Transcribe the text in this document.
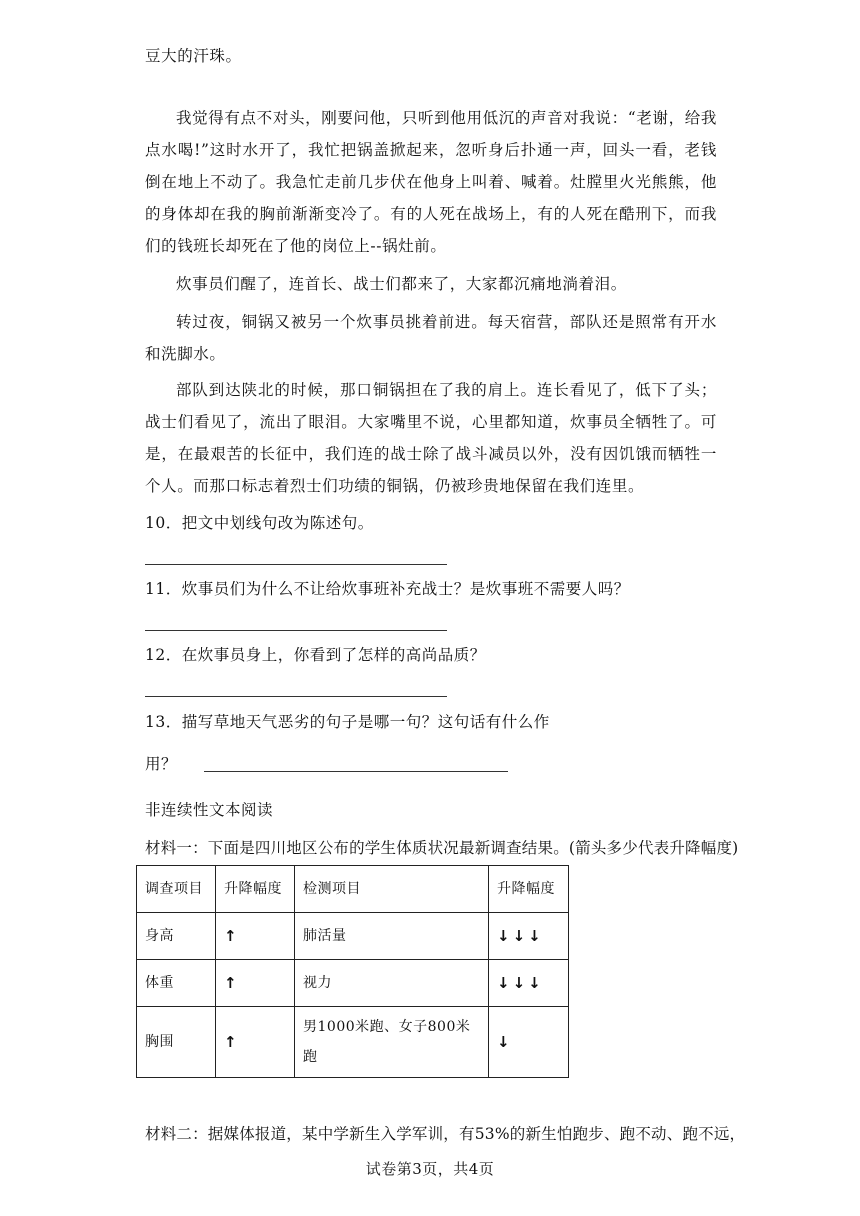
豆大的汗珠。

我觉得有点不对头，刚要问他，只听到他用低沉的声音对我说：“老谢，给我点水喝!”这时水开了，我忙把锅盖掀起来，忽听身后扑通一声，回头一看，老钱倒在地上不动了。我急忙走前几步伏在他身上叫着、喊着。灶膛里火光熊熊，他的身体却在我的胸前渐渐变冷了。有的人死在战场上，有的人死在酷刑下，而我们的钱班长却死在了他的岗位上--锅灶前。

炊事员们醒了，连首长、战士们都来了，大家都沉痛地淌着泪。

转过夜，铜锅又被另一个炊事员挑着前进。每天宿营，部队还是照常有开水和洗脚水。

部队到达陕北的时候，那口铜锅担在了我的肩上。连长看见了，低下了头；战士们看见了，流出了眼泪。大家嘴里不说，心里都知道，炊事员全牺牲了。可是，在最艰苦的长征中，我们连的战士除了战斗减员以外，没有因饥饿而牺牲一个人。而那口标志着烈士们功绩的铜锅，仍被珍贵地保留在我们连里。

10．把文中划线句改为陈述句。

11．炊事员们为什么不让给炊事班补充战士？是炊事班不需要人吗？

12．在炊事员身上，你看到了怎样的高尚品质？

13．描写草地天气恶劣的句子是哪一句？这句话有什么作

用？

非连续性文本阅读

材料一：下面是四川地区公布的学生体质状况最新调查结果。(箭头多少代表升降幅度)

调查项目	升降幅度	检测项目	升降幅度
身高	↑	肺活量	↓↓↓
体重	↑	视力	↓↓↓
胸围	↑	男1000米跑、女子800米跑	↓

材料二：据媒体报道，某中学新生入学军训，有53%的新生怕跑步、跑不动、跑不远，

试卷第3页，共4页
